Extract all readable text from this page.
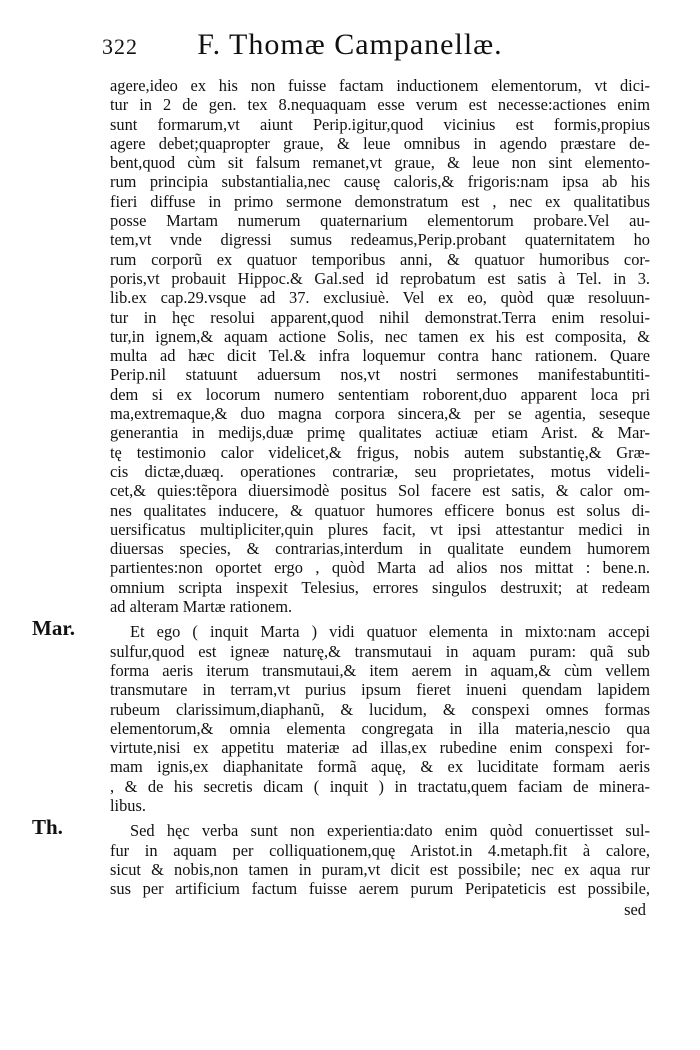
322	F. Thomæ Campanellæ.
agere,ideo ex his non fuisse factam inductionem elementorum, vt dici-
tur in 2 de gen. tex 8.nequaquam esse verum est necesse:actiones enim
sunt formarum,vt aiunt Perip.igitur,quod vicinius est formis,propius
agere debet;quapropter graue, & leue omnibus in agendo præstare de-
bent,quod cùm sit falsum remanet,vt graue, & leue non sint elemento-
rum principia substantialia,nec causę caloris,& frigoris:nam ipsa ab his
fieri diffuse in primo sermone demonstratum est , nec ex qualitatibus
posse Martam numerum quaternarium elementorum probare.Vel au-
tem,vt vnde digressi sumus redeamus,Perip.probant quaternitatem ho
rum corporũ ex quatuor temporibus anni, & quatuor humoribus cor-
poris,vt probauit Hippoc.& Gal.sed id reprobatum est satis à Tel. in 3.
lib.ex cap.29.vsque ad 37. exclusiuè. Vel ex eo, quòd quæ resoluun-
tur in hęc resolui apparent,quod nihil demonstrat.Terra enim resolui-
tur,in ignem,& aquam actione Solis, nec tamen ex his est composita, &
multa ad hæc dicit Tel.& infra loquemur contra hanc rationem. Quare
Perip.nil statuunt aduersum nos,vt nostri sermones manifestabuntiti-
dem si ex locorum numero sententiam roborent,duo apparent loca pri
ma,extremaque,& duo magna corpora sincera,& per se agentia, seseque
generantia in medijs,duæ primę qualitates actiuæ etiam Arist. & Mar-
tę testimonio calor videlicet,& frigus, nobis autem substantię,& Græ-
cis dictæ,duæq. operationes contrariæ, seu proprietates, motus videli-
cet,& quies:tẽpora diuersimodè positus Sol facere est satis, & calor om-
nes qualitates inducere, & quatuor humores efficere bonus est solus di-
uersificatus multipliciter,quin plures facit, vt ipsi attestantur medici in
diuersas species, & contrarias,interdum in qualitate eundem humorem
partientes:non oportet ergo , quòd Marta ad alios nos mittat : bene.n.
omnium scripta inspexit Telesius, errores singulos destruxit; at redeam
ad alteram Martæ rationem.
Mar.	Et ego ( inquit Marta ) vidi quatuor elementa in mixto:nam accepi
sulfur,quod est igneæ naturę,& transmutaui in aquam puram: quã sub
forma aeris iterum transmutaui,& item aerem in aquam,& cùm vellem
transmutare in terram,vt purius ipsum fieret inueni quendam lapidem
rubeum clarissimum,diaphanũ, & lucidum, & conspexi omnes formas
elementorum,& omnia elementa congregata in illa materia,nescio qua
virtute,nisi ex appetitu materiæ ad illas,ex rubedine enim conspexi for-
mam ignis,ex diaphanitate formã aquę, & ex luciditate formam aeris
, & de his secretis dicam ( inquit ) in tractatu,quem faciam de minera-
libus.
Th.	Sed hęc verba sunt non experientia:dato enim quòd conuertisset sul-
fur in aquam per colliquationem,quę Aristot.in 4.metaph.fit à calore,
sicut & nobis,non tamen in puram,vt dicit est possibile; nec ex aqua rur
sus per artificium factum fuisse aerem purum Peripateticis est possibile,
sed
